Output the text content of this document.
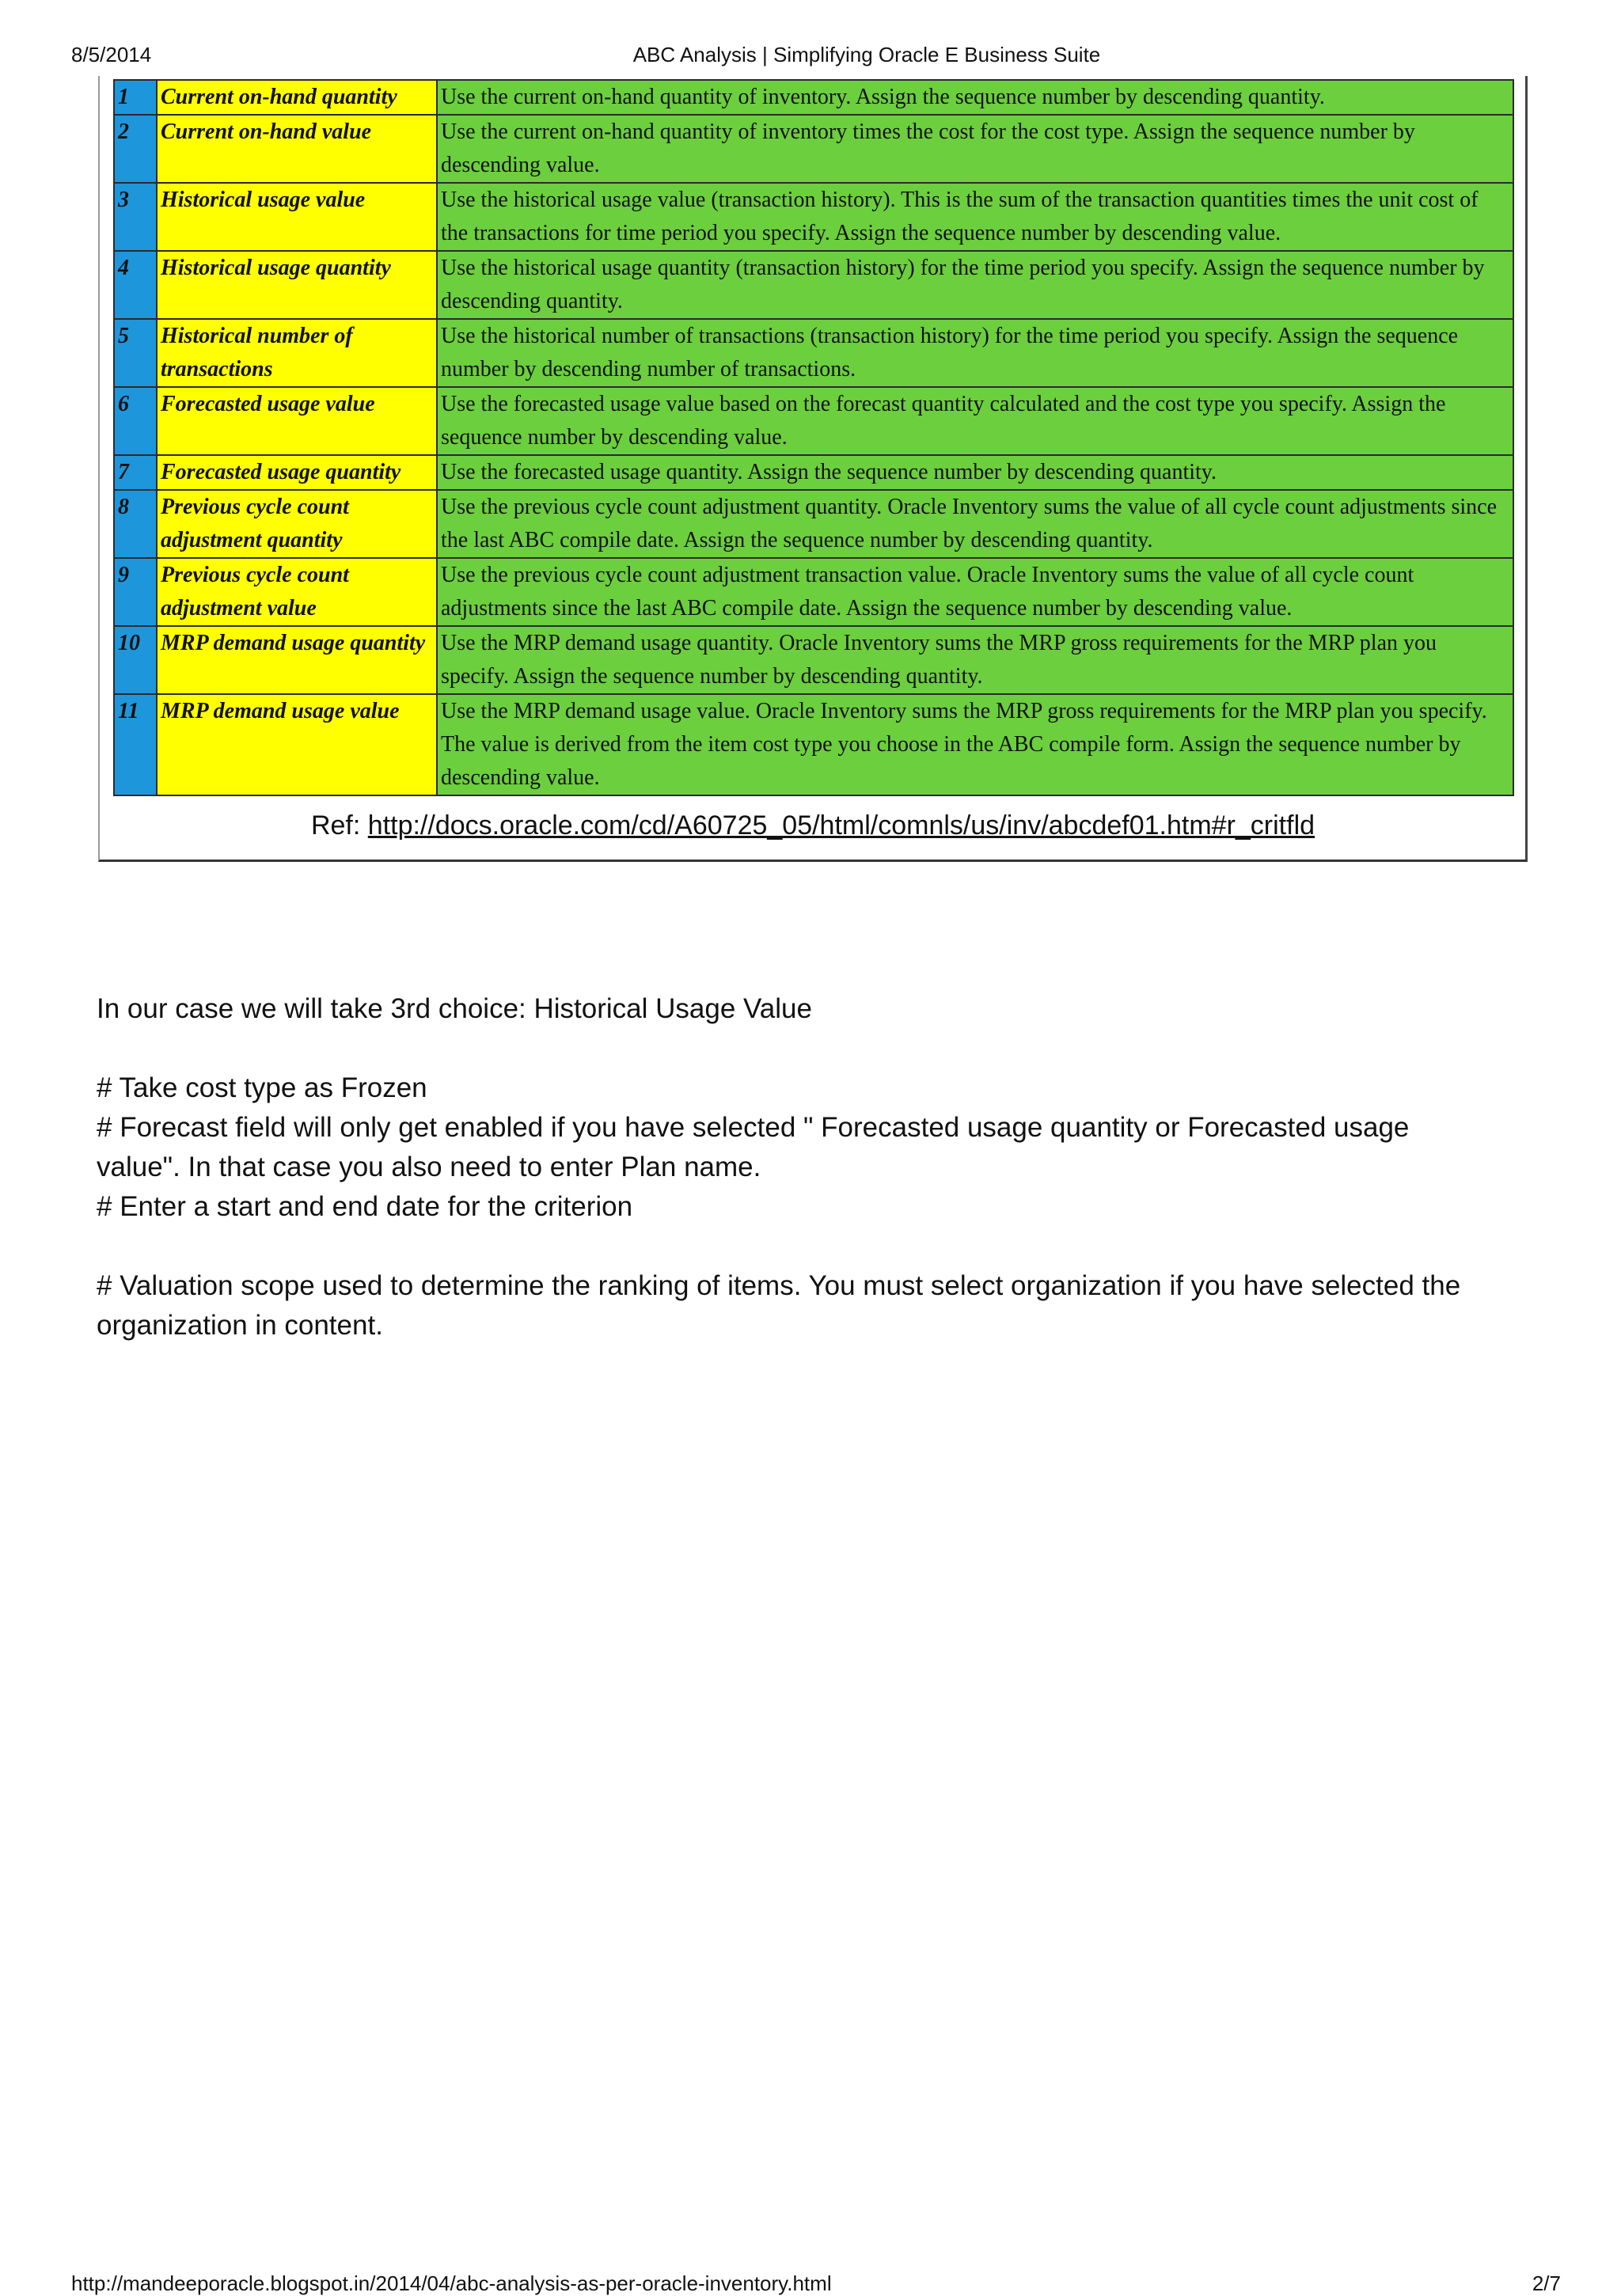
8/5/2014	ABC Analysis | Simplifying Oracle E Business Suite
1	Current on-hand quantity	Use the current on-hand quantity of inventory. Assign the sequence number by descending quantity.
2	Current on-hand value	Use the current on-hand quantity of inventory times the cost for the cost type. Assign the sequence number by descending value.
3	Historical usage value	Use the historical usage value (transaction history). This is the sum of the transaction quantities times the unit cost of the transactions for time period you specify. Assign the sequence number by descending value.
4	Historical usage quantity	Use the historical usage quantity (transaction history) for the time period you specify. Assign the sequence number by descending quantity.
5	Historical number of transactions	Use the historical number of transactions (transaction history) for the time period you specify. Assign the sequence number by descending number of transactions.
6	Forecasted usage value	Use the forecasted usage value based on the forecast quantity calculated and the cost type you specify. Assign the sequence number by descending value.
7	Forecasted usage quantity	Use the forecasted usage quantity. Assign the sequence number by descending quantity.
8	Previous cycle count adjustment quantity	Use the previous cycle count adjustment quantity. Oracle Inventory sums the value of all cycle count adjustments since the last ABC compile date. Assign the sequence number by descending quantity.
9	Previous cycle count adjustment value	Use the previous cycle count adjustment transaction value. Oracle Inventory sums the value of all cycle count adjustments since the last ABC compile date. Assign the sequence number by descending value.
10	MRP demand usage quantity	Use the MRP demand usage quantity. Oracle Inventory sums the MRP gross requirements for the MRP plan you specify. Assign the sequence number by descending quantity.
11	MRP demand usage value	Use the MRP demand usage value. Oracle Inventory sums the MRP gross requirements for the MRP plan you specify. The value is derived from the item cost type you choose in the ABC compile form. Assign the sequence number by descending value.
Ref: http://docs.oracle.com/cd/A60725_05/html/comnls/us/inv/abcdef01.htm#r_critfld

In our case we will take 3rd choice: Historical Usage Value

# Take cost type as Frozen

# Forecast field will only get enabled if you have selected " Forecasted usage quantity or Forecasted usage value". In that case you also need to enter Plan name.

# Enter a start and end date for the criterion

# Valuation scope used to determine the ranking of items. You must select organization if you have selected the organization in content.

http://mandeeporacle.blogspot.in/2014/04/abc-analysis-as-per-oracle-inventory.html	2/7
